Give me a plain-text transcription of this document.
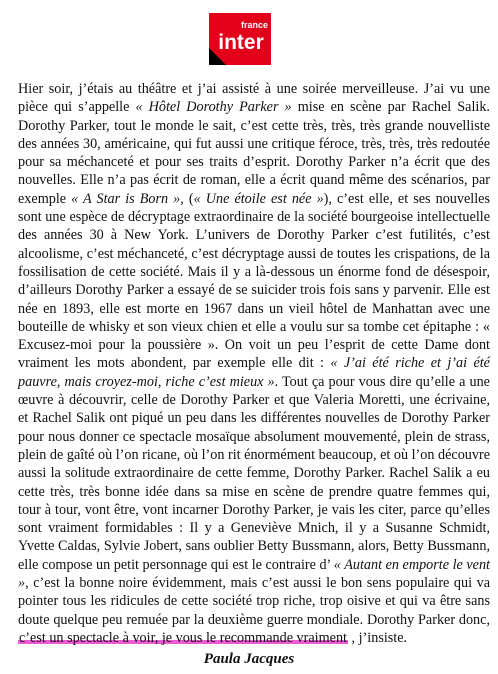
france
inter

Hier soir, j’étais au théâtre et j’ai assisté à une soirée merveilleuse. J’ai vu une pièce qui s’appelle « Hôtel Dorothy Parker » mise en scène par Rachel Salik. Dorothy Parker, tout le monde le sait, c’est cette très, très, très grande nouvelliste des années 30, américaine, qui fut aussi une critique féroce, très, très, très redoutée pour sa méchanceté et pour ses traits d’esprit. Dorothy Parker n’a écrit que des nouvelles. Elle n’a pas écrit de roman, elle a écrit quand même des scénarios, par exemple « A Star is Born », (« Une étoile est née »), c’est elle, et ses nouvelles sont une espèce de décryptage extraordinaire de la société bourgeoise intellectuelle des années 30 à New York. L’univers de Dorothy Parker c’est futilités, c’est alcoolisme, c’est méchanceté, c’est décryptage aussi de toutes les crispations, de la fossilisation de cette société. Mais il y a là-dessous un énorme fond de désespoir, d’ailleurs Dorothy Parker a essayé de se suicider trois fois sans y parvenir. Elle est née en 1893, elle est morte en 1967 dans un vieil hôtel de Manhattan avec une bouteille de whisky et son vieux chien et elle a voulu sur sa tombe cet épitaphe : « Excusez-moi pour la poussière ». On voit un peu l’esprit de cette Dame dont vraiment les mots abondent, par exemple elle dit : « J’ai été riche et j’ai été pauvre, mais croyez-moi, riche c’est mieux ». Tout ça pour vous dire qu’elle a une œuvre à découvrir, celle de Dorothy Parker et que Valeria Moretti, une écrivaine, et Rachel Salik ont piqué un peu dans les différentes nouvelles de Dorothy Parker pour nous donner ce spectacle mosaïque absolument mouvementé, plein de strass, plein de gaîté où l’on ricane, où l’on rit énormément beaucoup, et où l’on découvre aussi la solitude extraordinaire de cette femme, Dorothy Parker. Rachel Salik a eu cette très, très bonne idée dans sa mise en scène de prendre quatre femmes qui, tour à tour, vont être, vont incarner Dorothy Parker, je vais les citer, parce qu’elles sont vraiment formidables : Il y a Geneviève Mnich, il y a Susanne Schmidt, Yvette Caldas, Sylvie Jobert, sans oublier Betty Bussmann, alors, Betty Bussmann, elle compose un petit personnage qui est le contraire d’ « Autant en emporte le vent », c’est la bonne noire évidemment, mais c’est aussi le bon sens populaire qui va pointer tous les ridicules de cette société trop riche, trop oisive et qui va être sans doute quelque peu remuée par la deuxième guerre mondiale. Dorothy Parker donc, c’est un spectacle à voir, je vous le recommande vraiment , j’insiste.

Paula Jacques
